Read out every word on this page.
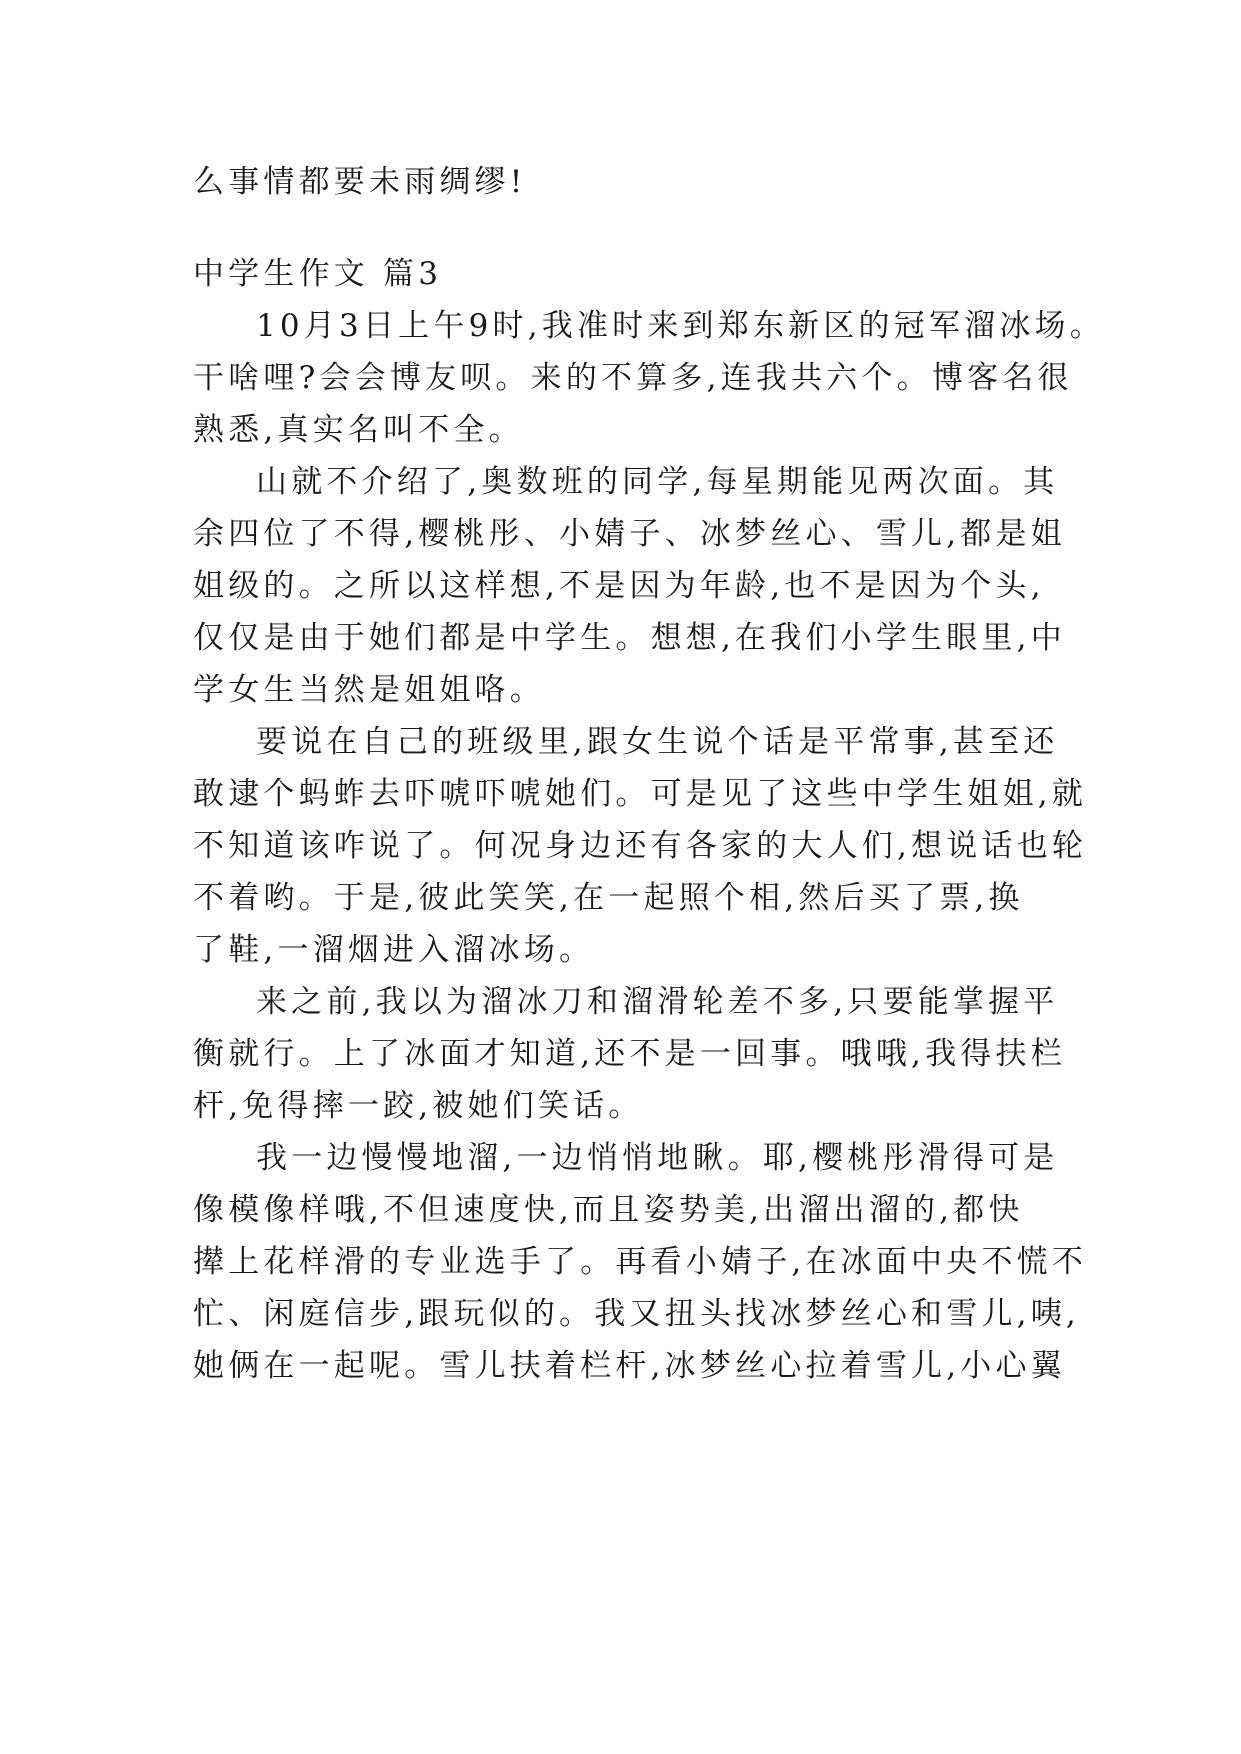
么事情都要未雨绸缪!
中学生作文 篇3
10月3日上午9时,我准时来到郑东新区的冠军溜冰场。
干啥哩?会会博友呗。来的不算多,连我共六个。博客名很
熟悉,真实名叫不全。
山就不介绍了,奥数班的同学,每星期能见两次面。其
余四位了不得,樱桃彤、小婧子、冰梦丝心、雪儿,都是姐
姐级的。之所以这样想,不是因为年龄,也不是因为个头,
仅仅是由于她们都是中学生。想想,在我们小学生眼里,中
学女生当然是姐姐咯。
要说在自己的班级里,跟女生说个话是平常事,甚至还
敢逮个蚂蚱去吓唬吓唬她们。可是见了这些中学生姐姐,就
不知道该咋说了。何况身边还有各家的大人们,想说话也轮
不着哟。于是,彼此笑笑,在一起照个相,然后买了票,换
了鞋,一溜烟进入溜冰场。
来之前,我以为溜冰刀和溜滑轮差不多,只要能掌握平
衡就行。上了冰面才知道,还不是一回事。哦哦,我得扶栏
杆,免得摔一跤,被她们笑话。
我一边慢慢地溜,一边悄悄地瞅。耶,樱桃彤滑得可是
像模像样哦,不但速度快,而且姿势美,出溜出溜的,都快
撵上花样滑的专业选手了。再看小婧子,在冰面中央不慌不
忙、闲庭信步,跟玩似的。我又扭头找冰梦丝心和雪儿,咦,
她俩在一起呢。雪儿扶着栏杆,冰梦丝心拉着雪儿,小心翼
